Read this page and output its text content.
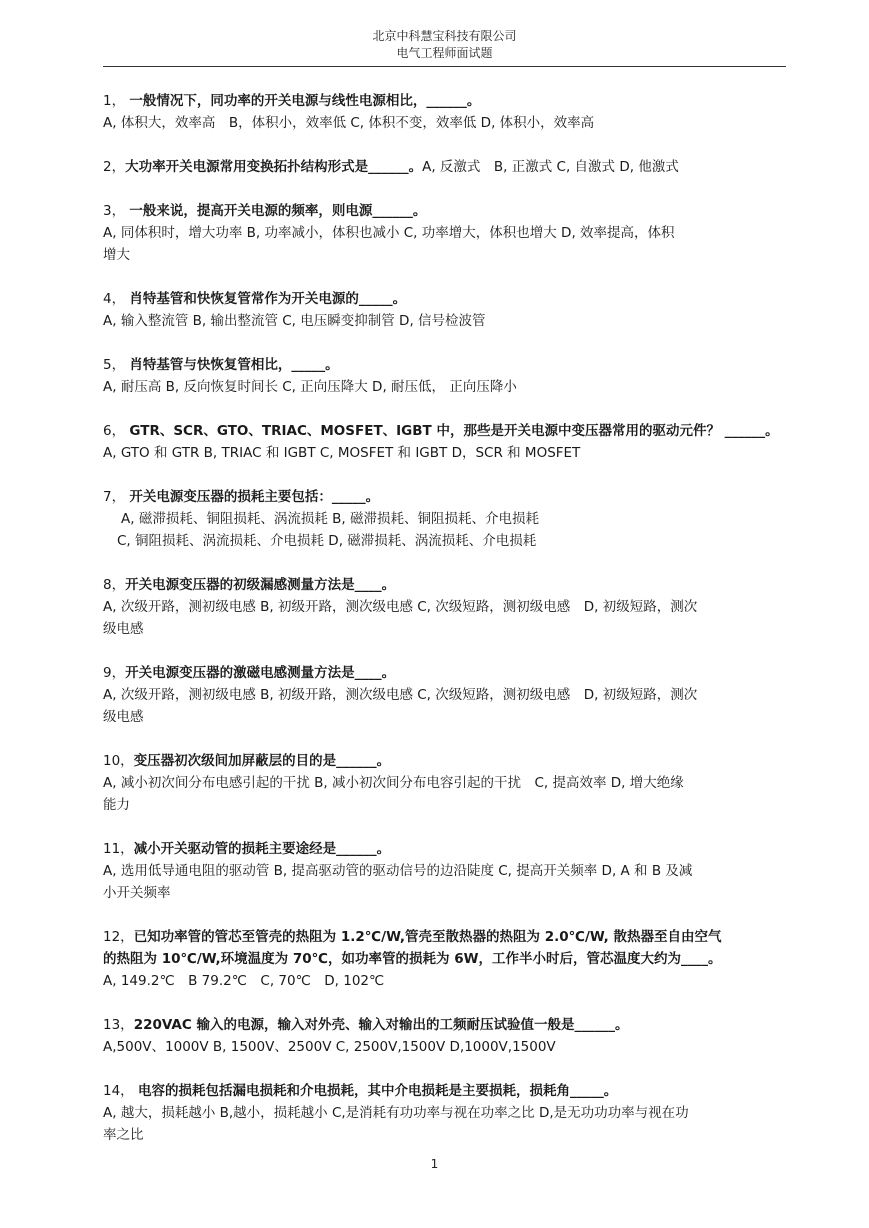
北京中科慧宝科技有限公司
电气工程师面试题
1， 一般情况下，同功率的开关电源与线性电源相比，______。
A, 体积大，效率高　B，体积小，效率低 C, 体积不变，效率低 D, 体积小，效率高
2，大功率开关电源常用变换拓扑结构形式是______。A, 反激式　B, 正激式 C, 自激式 D, 他激式
3， 一般来说，提高开关电源的频率，则电源______。
A, 同体积时，增大功率 B, 功率减小，体积也减小 C, 功率增大，体积也增大 D, 效率提高，体积
增大
4， 肖特基管和快恢复管常作为开关电源的_____。
A, 输入整流管 B, 输出整流管 C, 电压瞬变抑制管 D, 信号检波管
5， 肖特基管与快恢复管相比，_____。
A, 耐压高 B, 反向恢复时间长 C, 正向压降大 D, 耐压低， 正向压降小
6， GTR、SCR、GTO、TRIAC、MOSFET、IGBT 中，那些是开关电源中变压器常用的驱动元件？ ______。
A, GTO 和 GTR B, TRIAC 和 IGBT C, MOSFET 和 IGBT D，SCR 和 MOSFET
7， 开关电源变压器的损耗主要包括：_____。
A, 磁滞损耗、铜阻损耗、涡流损耗 B, 磁滞损耗、铜阻损耗、介电损耗
C, 铜阻损耗、涡流损耗、介电损耗 D, 磁滞损耗、涡流损耗、介电损耗
8，开关电源变压器的初级漏感测量方法是____。
A, 次级开路，测初级电感 B, 初级开路，测次级电感 C, 次级短路，测初级电感　D, 初级短路，测次
级电感
9，开关电源变压器的激磁电感测量方法是____。
A, 次级开路，测初级电感 B, 初级开路，测次级电感 C, 次级短路，测初级电感　D, 初级短路，测次
级电感
10，变压器初次级间加屏蔽层的目的是______。
A, 减小初次间分布电感引起的干扰 B, 减小初次间分布电容引起的干扰　C, 提高效率 D, 增大绝缘
能力
11，减小开关驱动管的损耗主要途经是______。
A, 选用低导通电阻的驱动管 B, 提高驱动管的驱动信号的边沿陡度 C, 提高开关频率 D, A 和 B 及减
小开关频率
12，已知功率管的管芯至管壳的热阻为 1.2℃/W,管壳至散热器的热阻为 2.0℃/W, 散热器至自由空气
的热阻为 10℃/W,环境温度为 70℃，如功率管的损耗为 6W，工作半小时后，管芯温度大约为____。
A, 149.2℃　B 79.2℃　C, 70℃　D, 102℃
13，220VAC 输入的电源，输入对外壳、输入对输出的工频耐压试验值一般是______。
A,500V、1000V B, 1500V、2500V C, 2500V,1500V D,1000V,1500V
14， 电容的损耗包括漏电损耗和介电损耗，其中介电损耗是主要损耗，损耗角_____。
A, 越大，损耗越小 B,越小，损耗越小 C,是消耗有功功率与视在功率之比 D,是无功功功率与视在功
率之比
1
